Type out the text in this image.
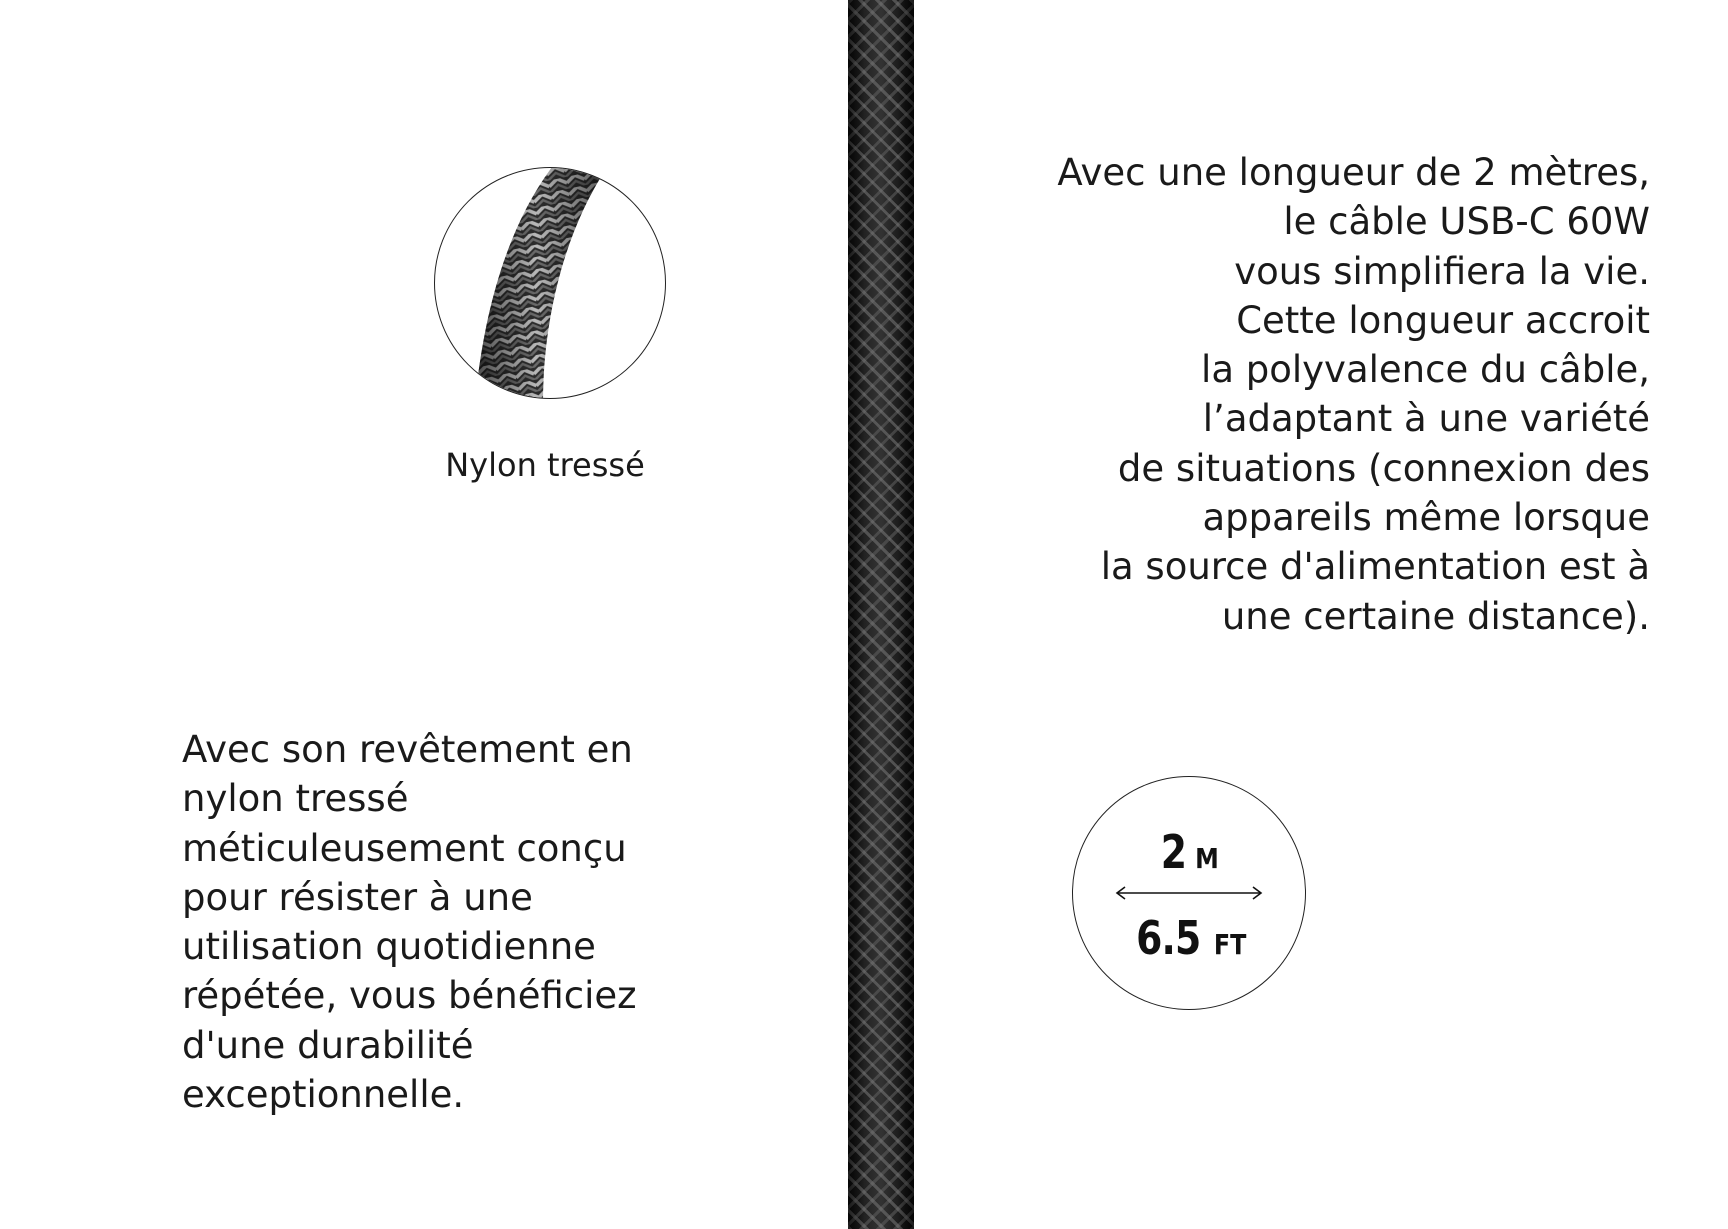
Nylon tressé
Avec une longueur de 2 mètres,
le câble USB-C 60W
vous simplifiera la vie.
Cette longueur accroit
la polyvalence du câble,
l’adaptant à une variété
de situations (connexion des
appareils même lorsque
la source d'alimentation est à
une certaine distance).
Avec son revêtement en
nylon tressé
méticuleusement conçu
pour résister à une
utilisation quotidienne
répétée, vous bénéficiez
d'une durabilité
exceptionnelle.
2 M
6.5 FT
